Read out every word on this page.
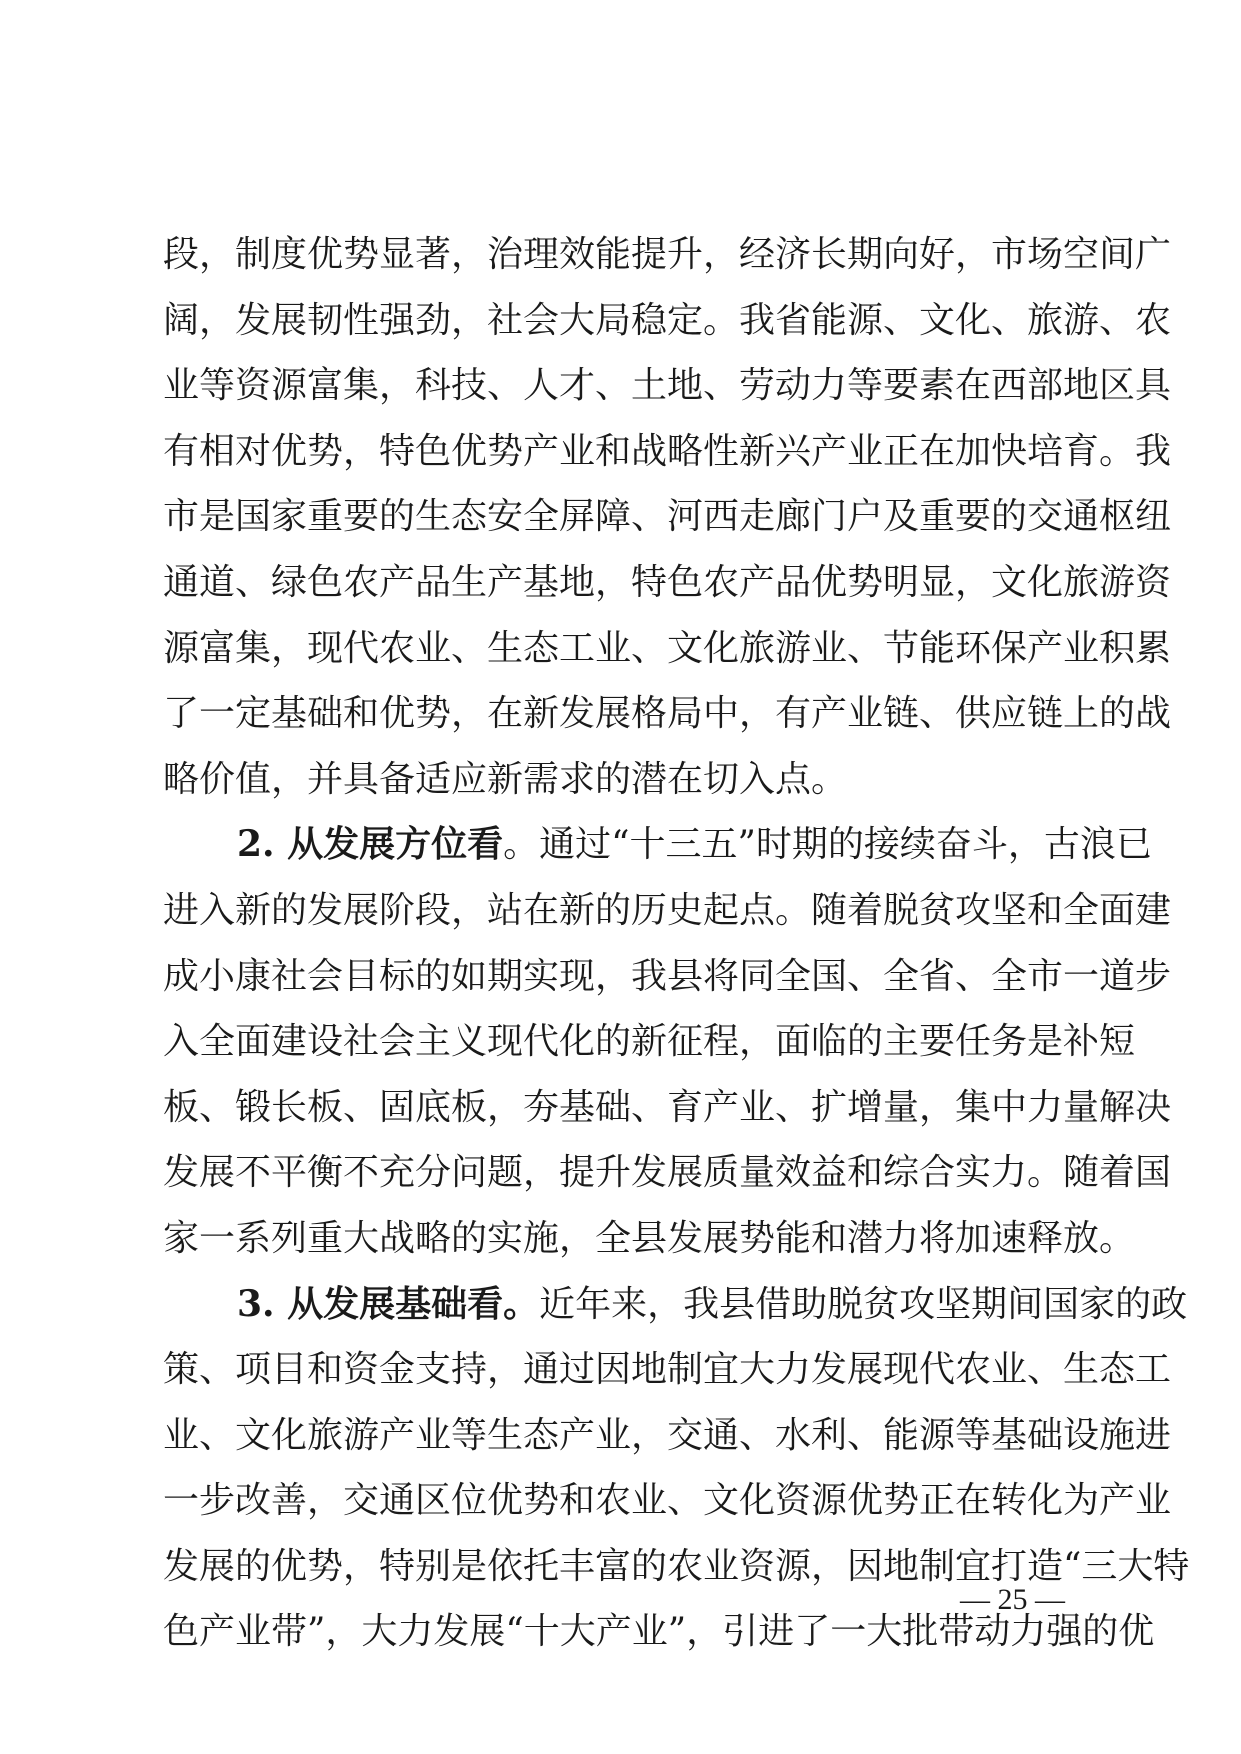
段，制度优势显著，治理效能提升，经济长期向好，市场空间广
阔，发展韧性强劲，社会大局稳定。我省能源、文化、旅游、农
业等资源富集，科技、人才、土地、劳动力等要素在西部地区具
有相对优势，特色优势产业和战略性新兴产业正在加快培育。我
市是国家重要的生态安全屏障、河西走廊门户及重要的交通枢纽
通道、绿色农产品生产基地，特色农产品优势明显，文化旅游资
源富集，现代农业、生态工业、文化旅游业、节能环保产业积累
了一定基础和优势，在新发展格局中，有产业链、供应链上的战
略价值，并具备适应新需求的潜在切入点。
2. 从发展方位看。通过“十三五”时期的接续奋斗，古浪已
进入新的发展阶段，站在新的历史起点。随着脱贫攻坚和全面建
成小康社会目标的如期实现，我县将同全国、全省、全市一道步
入全面建设社会主义现代化的新征程，面临的主要任务是补短
板、锻长板、固底板，夯基础、育产业、扩增量，集中力量解决
发展不平衡不充分问题，提升发展质量效益和综合实力。随着国
家一系列重大战略的实施，全县发展势能和潜力将加速释放。
3. 从发展基础看。近年来，我县借助脱贫攻坚期间国家的政
策、项目和资金支持，通过因地制宜大力发展现代农业、生态工
业、文化旅游产业等生态产业，交通、水利、能源等基础设施进
一步改善，交通区位优势和农业、文化资源优势正在转化为产业
发展的优势，特别是依托丰富的农业资源，因地制宜打造“三大特
色产业带”，大力发展“十大产业”，引进了一大批带动力强的优
— 25 —
